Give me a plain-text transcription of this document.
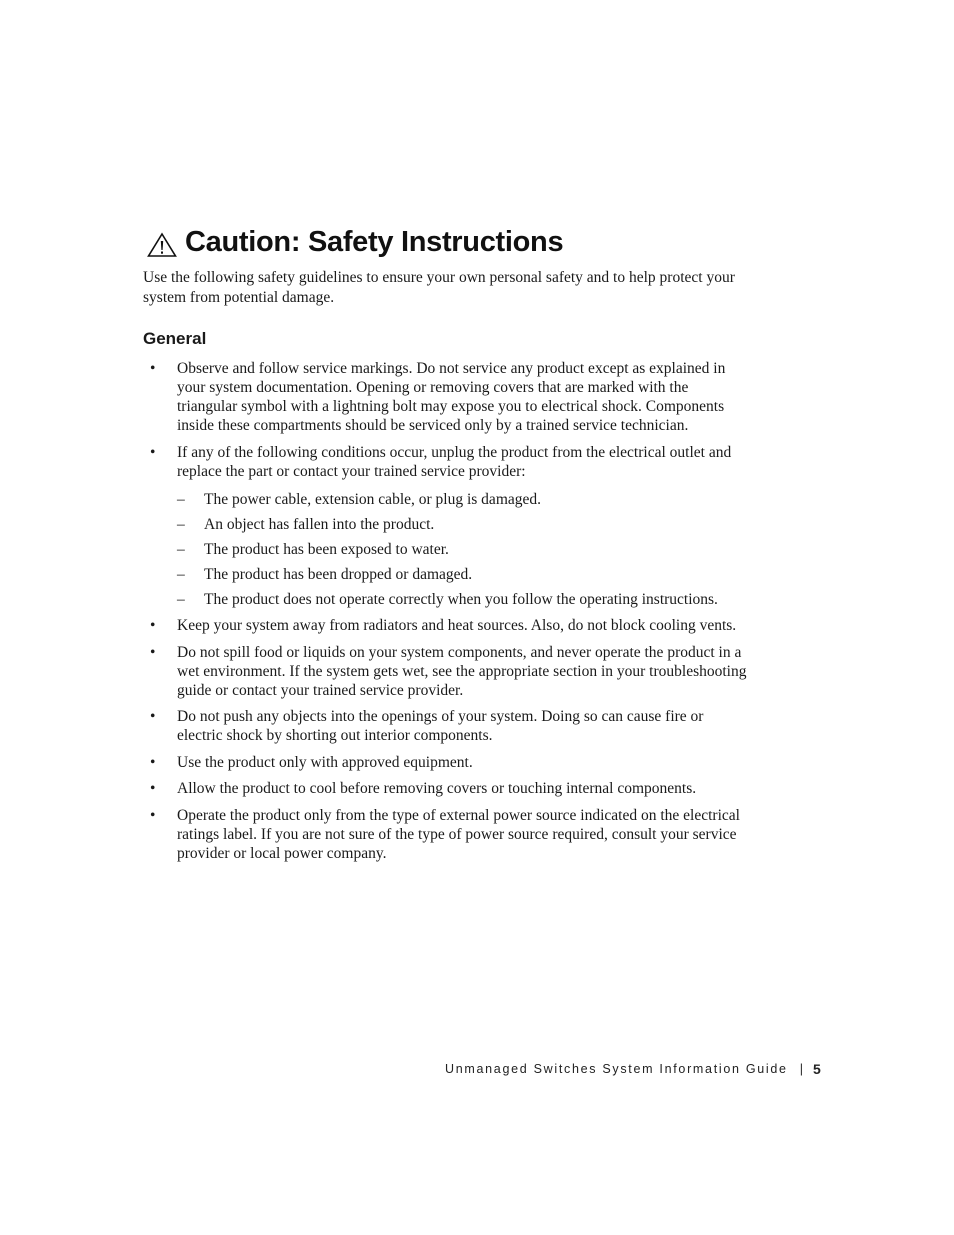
Caution: Safety Instructions
Use the following safety guidelines to ensure your own personal safety and to help protect your system from potential damage.
General
• Observe and follow service markings. Do not service any product except as explained in your system documentation. Opening or removing covers that are marked with the triangular symbol with a lightning bolt may expose you to electrical shock. Components inside these compartments should be serviced only by a trained service technician.
• If any of the following conditions occur, unplug the product from the electrical outlet and replace the part or contact your trained service provider:
– The power cable, extension cable, or plug is damaged.
– An object has fallen into the product.
– The product has been exposed to water.
– The product has been dropped or damaged.
– The product does not operate correctly when you follow the operating instructions.
• Keep your system away from radiators and heat sources. Also, do not block cooling vents.
• Do not spill food or liquids on your system components, and never operate the product in a wet environment. If the system gets wet, see the appropriate section in your troubleshooting guide or contact your trained service provider.
• Do not push any objects into the openings of your system. Doing so can cause fire or electric shock by shorting out interior components.
• Use the product only with approved equipment.
• Allow the product to cool before removing covers or touching internal components.
• Operate the product only from the type of external power source indicated on the electrical ratings label. If you are not sure of the type of power source required, consult your service provider or local power company.
Unmanaged Switches System Information Guide | 5
